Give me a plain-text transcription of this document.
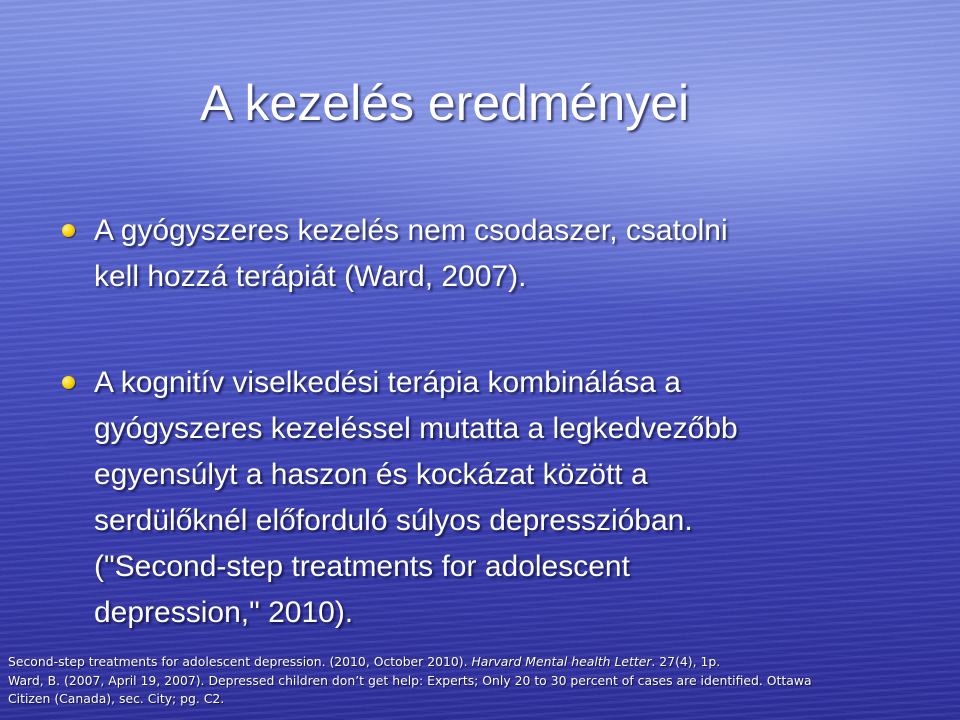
A kezelés eredményei
A gyógyszeres kezelés nem csodaszer, csatolni
kell hozzá terápiát (Ward, 2007).
A kognitív viselkedési terápia kombinálása a
gyógyszeres kezeléssel mutatta a legkedvezőbb
egyensúlyt a haszon és kockázat között a
serdülőknél előforduló súlyos depresszióban.
("Second-step treatments for adolescent
depression," 2010).
Second-step treatments for adolescent depression. (2010, October 2010). Harvard Mental health Letter. 27(4), 1p.
Ward, B. (2007, April 19, 2007). Depressed children don’t get help: Experts; Only 20 to 30 percent of cases are identified. Ottawa
Citizen (Canada), sec. City; pg. C2.
